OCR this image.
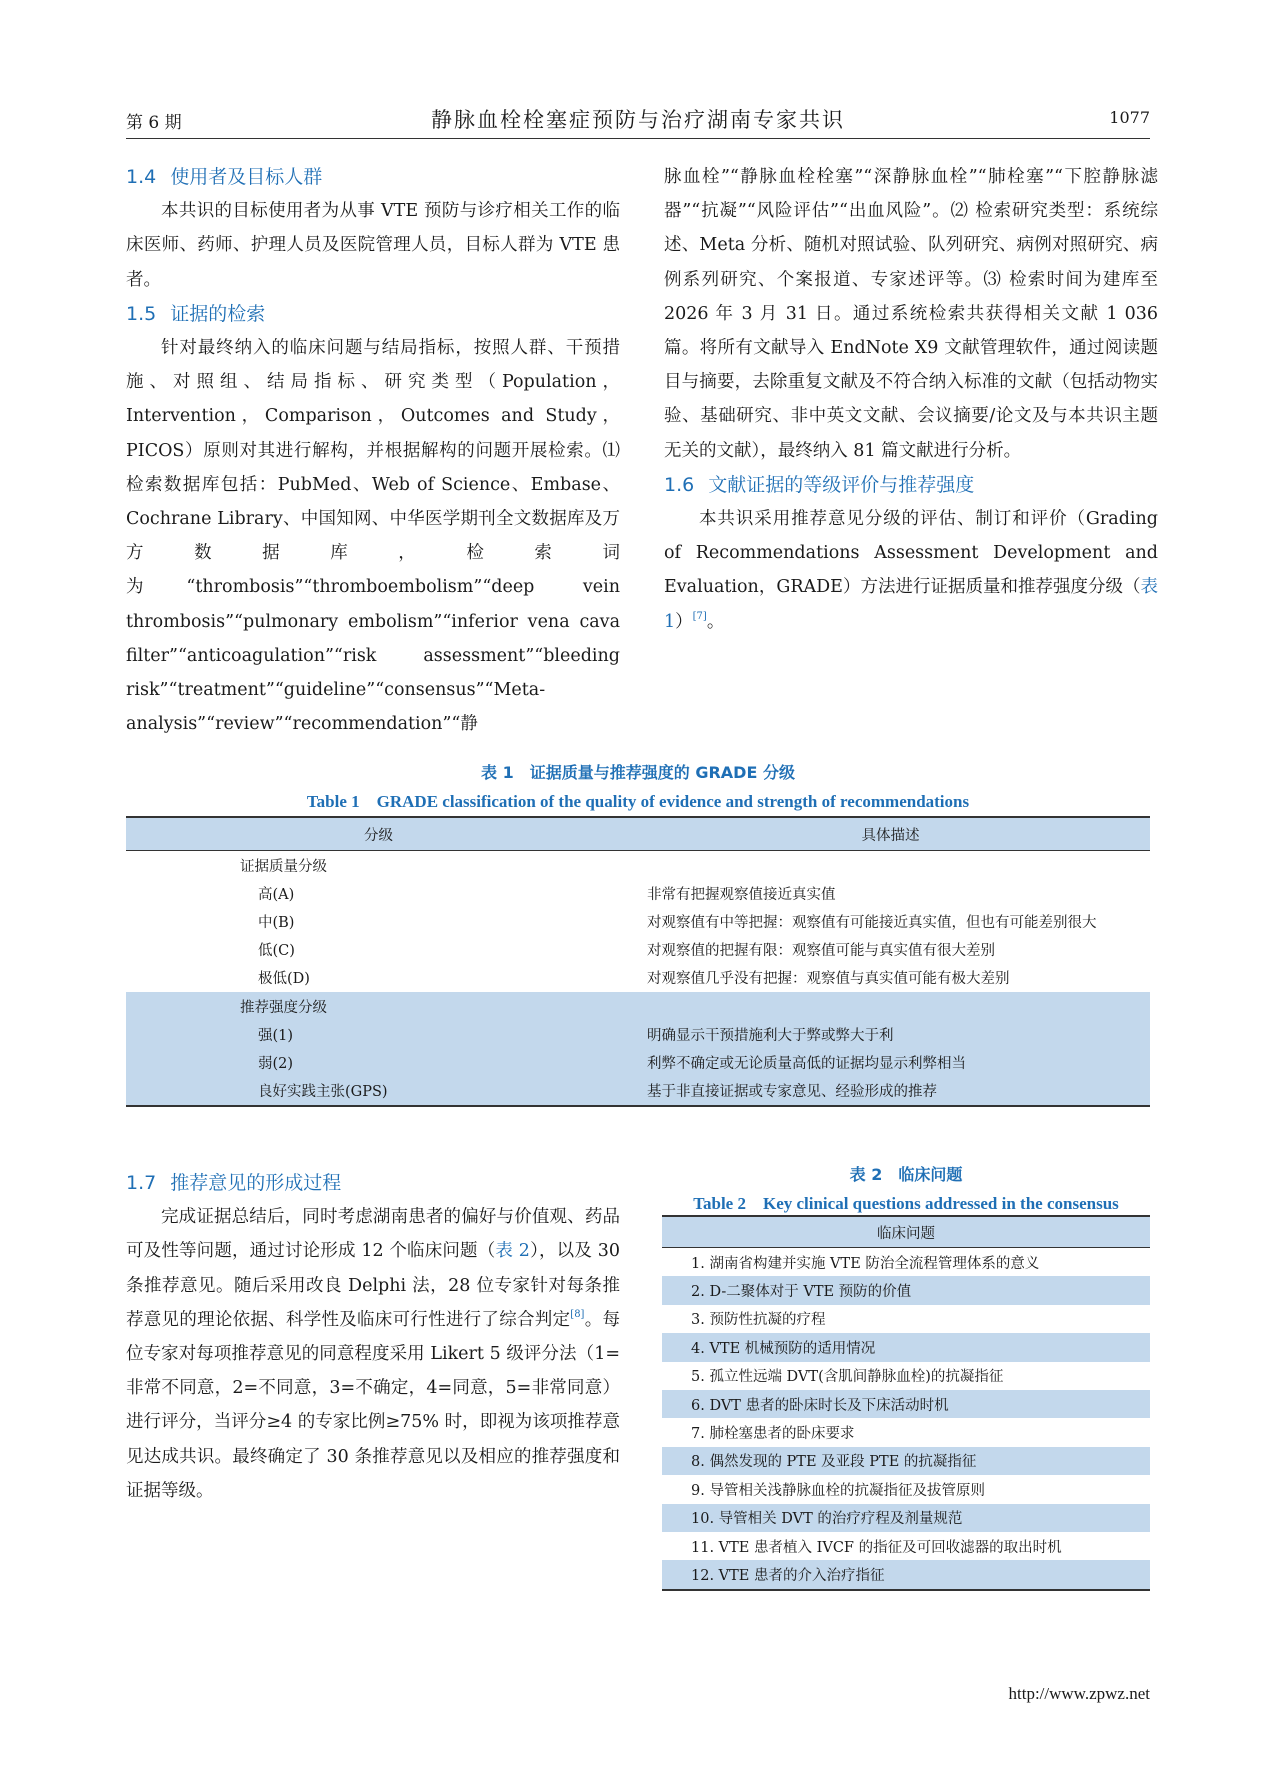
第 6 期	静脉血栓栓塞症预防与治疗湖南专家共识	1077

1.4 使用者及目标人群

本共识的目标使用者为从事 VTE 预防与诊疗相关工作的临床医师、药师、护理人员及医院管理人员，目标人群为 VTE 患者。

1.5 证据的检索

针对最终纳入的临床问题与结局指标，按照人群、干预措施、对照组、结局指标、研究类型（Population，Intervention，Comparison，Outcomes and Study，PICOS）原则对其进行解构，并根据解构的问题开展检索。⑴ 检索数据库包括：PubMed、Web of Science、Embase、Cochrane Library、中国知网、中华医学期刊全文数据库及万方数据库，检索词为“thrombosis”“thromboembolism”“deep vein thrombosis”“pulmonary embolism”“inferior vena cava filter”“anticoagulation”“risk assessment”“bleeding risk”“treatment”“guideline”“consensus”“Meta-analysis”“review”“recommendation”“静

脉血栓”“静脉血栓栓塞”“深静脉血栓”“肺栓塞”“下腔静脉滤器”“抗凝”“风险评估”“出血风险”。⑵ 检索研究类型：系统综述、Meta 分析、随机对照试验、队列研究、病例对照研究、病例系列研究、个案报道、专家述评等。⑶ 检索时间为建库至 2026 年 3 月 31 日。通过系统检索共获得相关文献 1 036 篇。将所有文献导入 EndNote X9 文献管理软件，通过阅读题目与摘要，去除重复文献及不符合纳入标准的文献（包括动物实验、基础研究、非中英文文献、会议摘要/论文及与本共识主题无关的文献），最终纳入 81 篇文献进行分析。

1.6 文献证据的等级评价与推荐强度

本共识采用推荐意见分级的评估、制订和评价（Grading of Recommendations Assessment Development and Evaluation，GRADE）方法进行证据质量和推荐强度分级（表 1）[7]。

表 1　证据质量与推荐强度的 GRADE 分级
Table 1　GRADE classification of the quality of evidence and strength of recommendations
分级	具体描述
证据质量分级	
高(A)	非常有把握观察值接近真实值
中(B)	对观察值有中等把握：观察值有可能接近真实值，但也有可能差别很大
低(C)	对观察值的把握有限：观察值可能与真实值有很大差别
极低(D)	对观察值几乎没有把握：观察值与真实值可能有极大差别
推荐强度分级	
强(1)	明确显示干预措施利大于弊或弊大于利
弱(2)	利弊不确定或无论质量高低的证据均显示利弊相当
良好实践主张(GPS)	基于非直接证据或专家意见、经验形成的推荐

1.7 推荐意见的形成过程

完成证据总结后，同时考虑湖南患者的偏好与价值观、药品可及性等问题，通过讨论形成 12 个临床问题（表 2），以及 30 条推荐意见。随后采用改良 Delphi 法，28 位专家针对每条推荐意见的理论依据、科学性及临床可行性进行了综合判定[8]。每位专家对每项推荐意见的同意程度采用 Likert 5 级评分法（1=非常不同意，2=不同意，3=不确定，4=同意，5=非常同意）进行评分，当评分≥4 的专家比例≥75% 时，即视为该项推荐意见达成共识。最终确定了 30 条推荐意见以及相应的推荐强度和证据等级。

表 2　临床问题
Table 2　Key clinical questions addressed in the consensus
临床问题
1. 湖南省构建并实施 VTE 防治全流程管理体系的意义
2. D-二聚体对于 VTE 预防的价值
3. 预防性抗凝的疗程
4. VTE 机械预防的适用情况
5. 孤立性远端 DVT(含肌间静脉血栓)的抗凝指征
6. DVT 患者的卧床时长及下床活动时机
7. 肺栓塞患者的卧床要求
8. 偶然发现的 PTE 及亚段 PTE 的抗凝指征
9. 导管相关浅静脉血栓的抗凝指征及拔管原则
10. 导管相关 DVT 的治疗疗程及剂量规范
11. VTE 患者植入 IVCF 的指征及可回收滤器的取出时机
12. VTE 患者的介入治疗指征
http://www.zpwz.net
